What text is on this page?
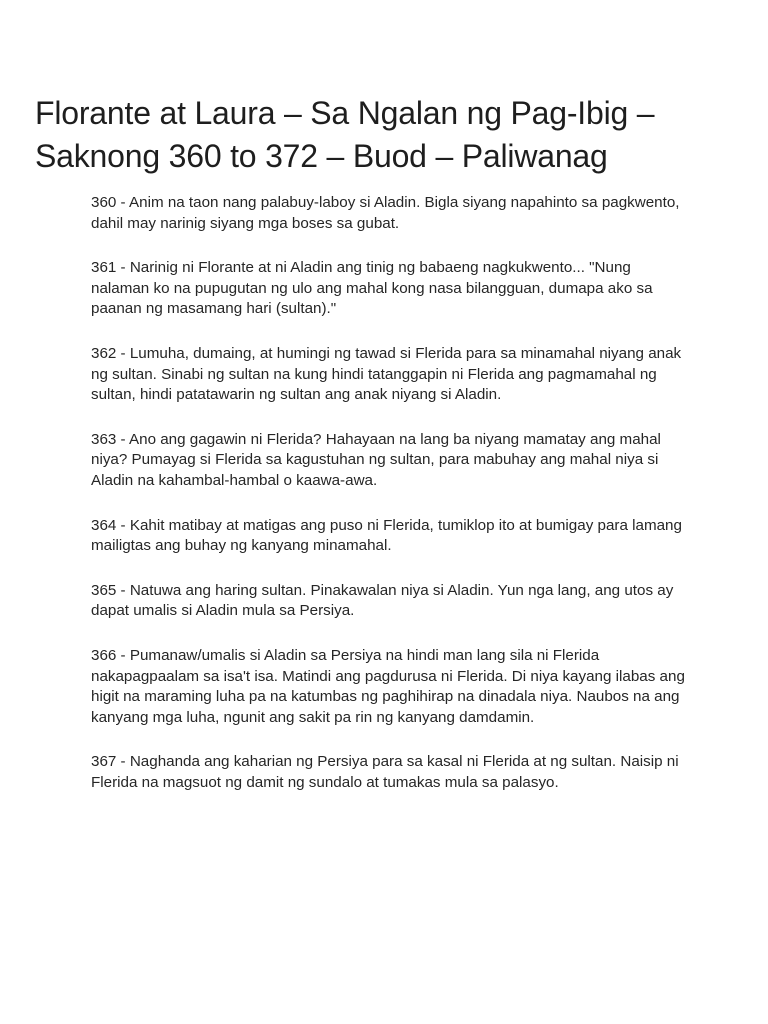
Florante at Laura – Sa Ngalan ng Pag-Ibig – Saknong 360 to 372 – Buod – Paliwanag

360 - Anim na taon nang palabuy-laboy si Aladin. Bigla siyang napahinto sa pagkwento, dahil may narinig siyang mga boses sa gubat.

361 - Narinig ni Florante at ni Aladin ang tinig ng babaeng nagkukwento... "Nung nalaman ko na pupugutan ng ulo ang mahal kong nasa bilangguan, dumapa ako sa paanan ng masamang hari (sultan)."

362 - Lumuha, dumaing, at humingi ng tawad si Flerida para sa minamahal niyang anak ng sultan. Sinabi ng sultan na kung hindi tatanggapin ni Flerida ang pagmamahal ng sultan, hindi patatawarin ng sultan ang anak niyang si Aladin.

363 - Ano ang gagawin ni Flerida? Hahayaan na lang ba niyang mamatay ang mahal niya? Pumayag si Flerida sa kagustuhan ng sultan, para mabuhay ang mahal niya si Aladin na kahambal-hambal o kaawa-awa.

364 - Kahit matibay at matigas ang puso ni Flerida, tumiklop ito at bumigay para lamang mailigtas ang buhay ng kanyang minamahal.

365 - Natuwa ang haring sultan. Pinakawalan niya si Aladin. Yun nga lang, ang utos ay dapat umalis si Aladin mula sa Persiya.

366 - Pumanaw/umalis si Aladin sa Persiya na hindi man lang sila ni Flerida nakapagpaalam sa isa't isa. Matindi ang pagdurusa ni Flerida. Di niya kayang ilabas ang higit na maraming luha pa na katumbas ng paghihirap na dinadala niya. Naubos na ang kanyang mga luha, ngunit ang sakit pa rin ng kanyang damdamin.

367 - Naghanda ang kaharian ng Persiya para sa kasal ni Flerida at ng sultan. Naisip ni Flerida na magsuot ng damit ng sundalo at tumakas mula sa palasyo.
